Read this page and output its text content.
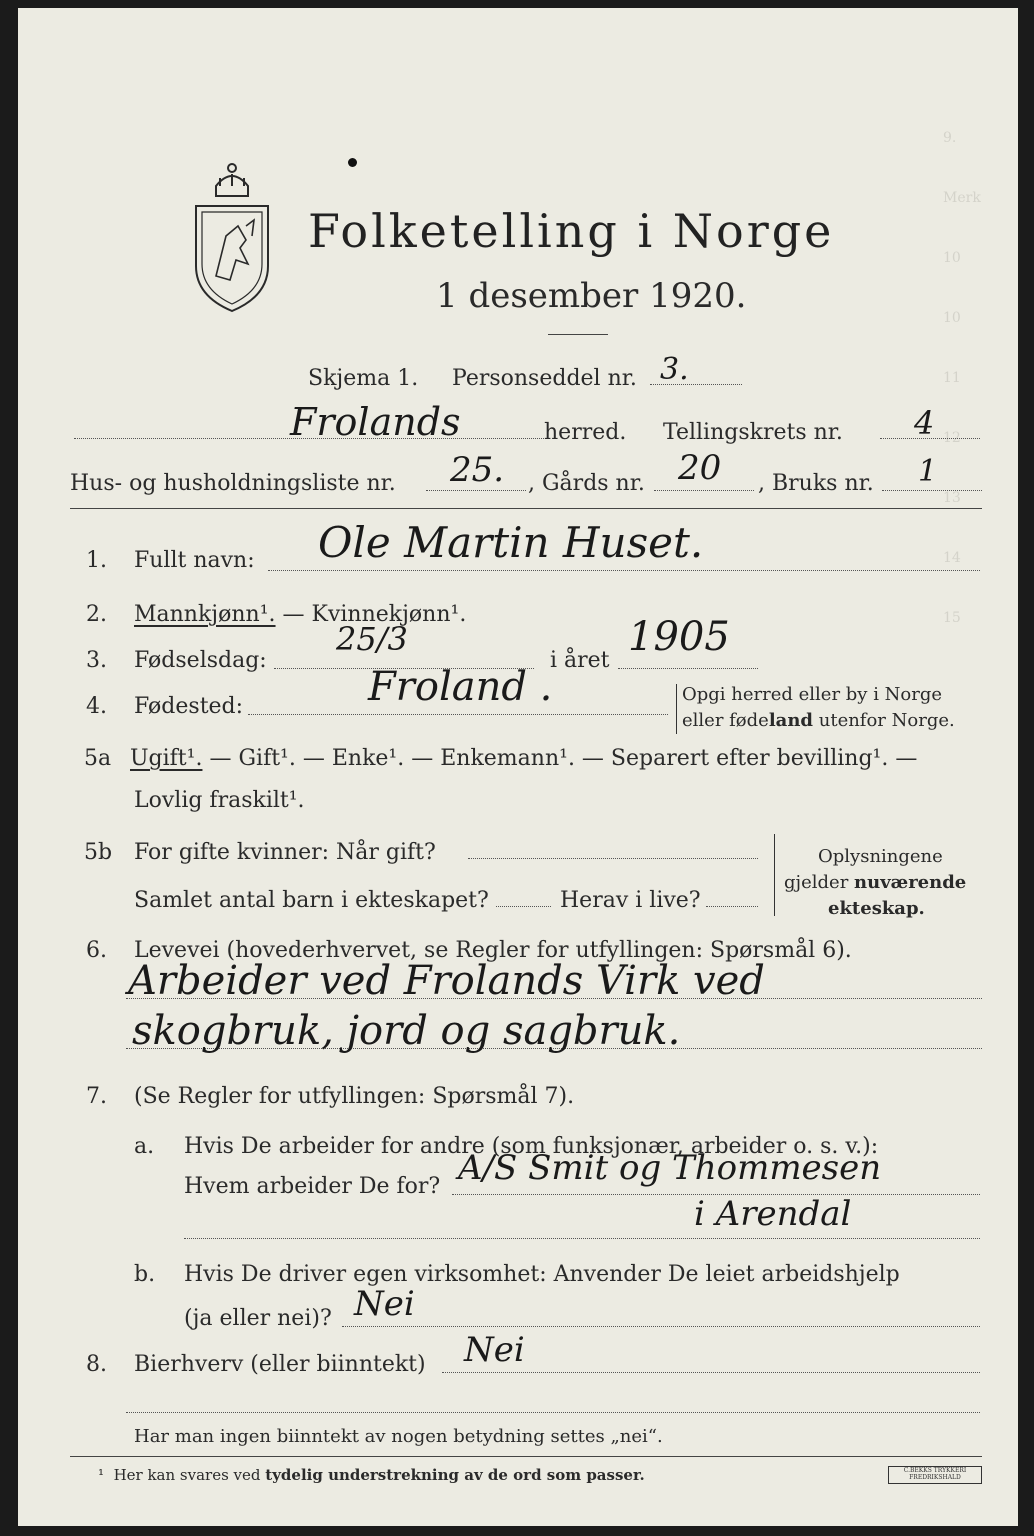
9.
Merk
10
10
11
12
13
14
15
Folketelling i Norge
1 desember 1920.
Skjema 1. Personseddel nr. 3.
Frolands	herred. Tellingskrets nr. 4
Hus- og husholdningsliste nr. 25. , Gårds nr. 20 , Bruks nr. 1
1. Fullt navn: Ole Martin Huset.
2. Mannkjønn¹. — Kvinnekjønn¹.
3. Fødselsdag:
25/3
i året
1905
4. Fødested:	Froland .	Opgi herred eller by i Norge
eller fødeland utenfor Norge.
5a Ugift¹. — Gift¹. — Enke¹. — Enkemann¹. — Separert efter bevilling¹. —
Lovlig fraskilt¹.
5b For gifte kvinner: Når gift?
Samlet antal barn i ekteskapet?	Herav i live?
Oplysningene
gjelder nuværende
ekteskap.
6. Levevei (hovederhvervet, se Regler for utfyllingen: Spørsmål 6).
Arbeider ved Frolands Virk ved
skogbruk, jord og sagbruk.
7. (Se Regler for utfyllingen: Spørsmål 7).
a. Hvis De arbeider for andre (som funksjonær, arbeider o. s. v.):
Hvem arbeider De for? A/S Smit og Thommesen
i Arendal
b. Hvis De driver egen virksomhet: Anvender De leiet arbeidshjelp
(ja eller nei)? Nei
8. Bierhverv (eller biinntekt) Nei
Har man ingen biinntekt av nogen betydning settes „nei“.
¹ Her kan svares ved tydelig understrekning av de ord som passer.	C.BEKKS TRYKKERI FREDRIKSHALD
